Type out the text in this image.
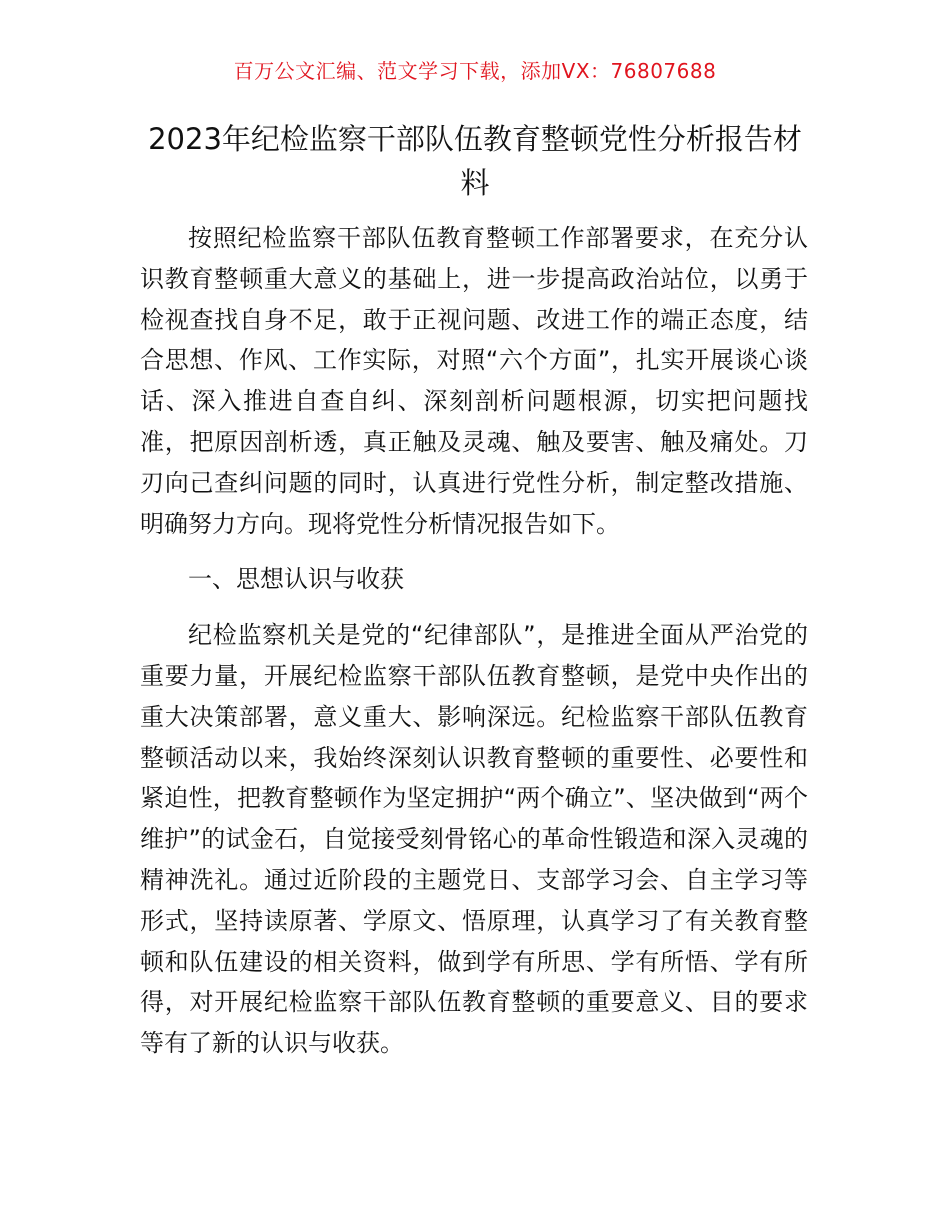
百万公文汇编、范文学习下载，添加VX：76807688
2023年纪检监察干部队伍教育整顿党性分析报告材料

按照纪检监察干部队伍教育整顿工作部署要求，在充分认识教育整顿重大意义的基础上，进一步提高政治站位，以勇于检视查找自身不足，敢于正视问题、改进工作的端正态度，结合思想、作风、工作实际，对照“六个方面”，扎实开展谈心谈话、深入推进自查自纠、深刻剖析问题根源，切实把问题找准，把原因剖析透，真正触及灵魂、触及要害、触及痛处。刀刃向己查纠问题的同时，认真进行党性分析，制定整改措施、明确努力方向。现将党性分析情况报告如下。

一、思想认识与收获

纪检监察机关是党的“纪律部队”，是推进全面从严治党的重要力量，开展纪检监察干部队伍教育整顿，是党中央作出的重大决策部署，意义重大、影响深远。纪检监察干部队伍教育整顿活动以来，我始终深刻认识教育整顿的重要性、必要性和紧迫性，把教育整顿作为坚定拥护“两个确立”、坚决做到“两个维护”的试金石，自觉接受刻骨铭心的革命性锻造和深入灵魂的精神洗礼。通过近阶段的主题党日、支部学习会、自主学习等形式，坚持读原著、学原文、悟原理，认真学习了有关教育整顿和队伍建设的相关资料，做到学有所思、学有所悟、学有所得，对开展纪检监察干部队伍教育整顿的重要意义、目的要求等有了新的认识与收获。
